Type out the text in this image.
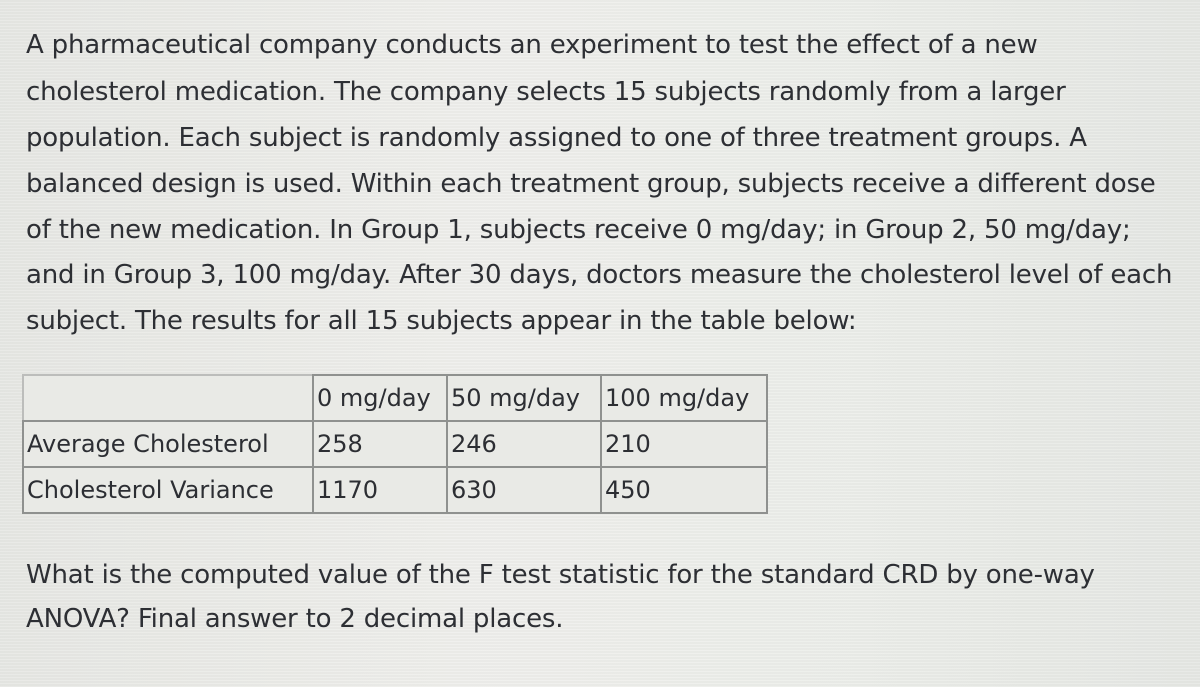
A pharmaceutical company conducts an experiment to test the effect of a new
cholesterol medication. The company selects 15 subjects randomly from a larger
population. Each subject is randomly assigned to one of three treatment groups. A
balanced design is used. Within each treatment group, subjects receive a different dose
of the new medication. In Group 1, subjects receive 0 mg/day; in Group 2, 50 mg/day;
and in Group 3, 100 mg/day. After 30 days, doctors measure the cholesterol level of each
subject. The results for all 15 subjects appear in the table below:
	0 mg/day	50 mg/day	100 mg/day
Average Cholesterol	258	246	210
Cholesterol Variance	1170	630	450
What is the computed value of the F test statistic for the standard CRD by one-way
ANOVA? Final answer to 2 decimal places.
